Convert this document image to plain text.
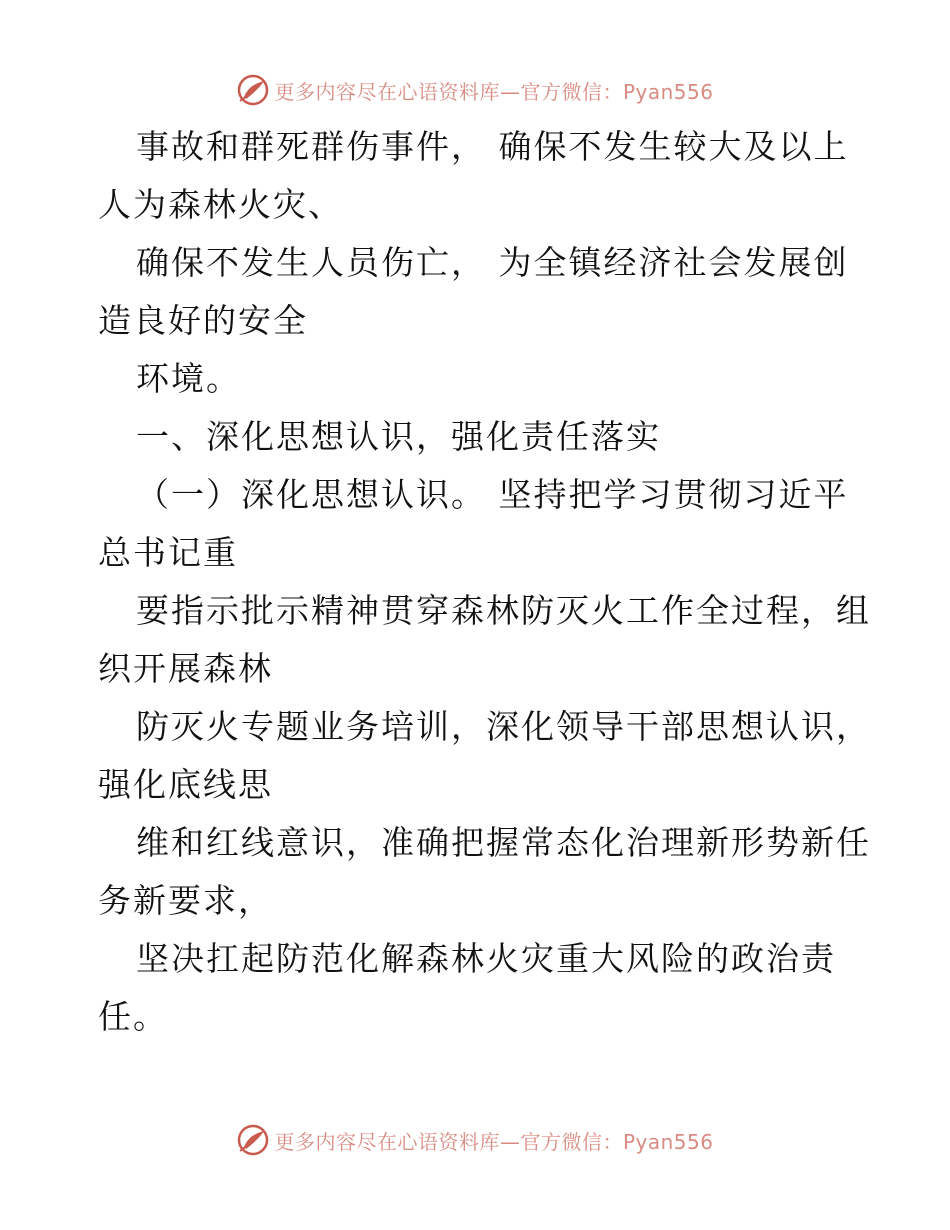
更多内容尽在心语资料库—官方微信：Pyan556
事故和群死群伤事件， 确保不发生较大及以上
人为森林火灾、
确保不发生人员伤亡， 为全镇经济社会发展创
造良好的安全
环境。
一、深化思想认识，强化责任落实
（一）深化思想认识。 坚持把学习贯彻习近平
总书记重
要指示批示精神贯穿森林防灭火工作全过程，组
织开展森林
防灭火专题业务培训，深化领导干部思想认识，
强化底线思
维和红线意识，准确把握常态化治理新形势新任
务新要求，
坚决扛起防范化解森林火灾重大风险的政治责
任。
更多内容尽在心语资料库—官方微信：Pyan556
